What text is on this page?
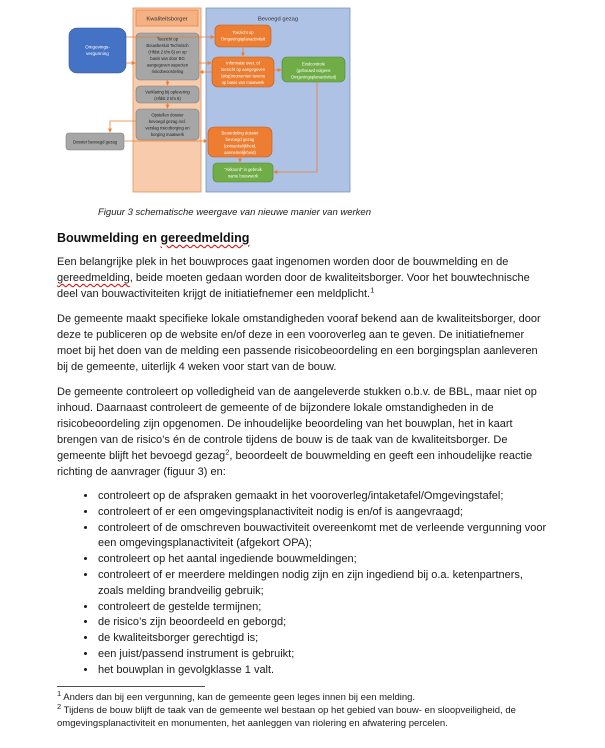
Kwaliteitsborger	Bevoegd gezag
Omgevings-
vergunning
Toezicht op
Bouwbesluit Technisch
(Hfdst 2 t/m 6) en op
basis van door BG
aangegeven aspecten
risicobeoordeling
Verklaring bij oplevering
(Hfdst 2 t/m 6)
Opstellen dossier
bevoegd gezag incl.
verslag risicoborging en
borging maatwerk
Dossier bevoegd gezag
Toezicht op
Omgevingsplanactiviteit
Informatie over, of
toezicht op aangegeven
(stop)momenten tevens
op basis van maatwerk
Eindcontrole
(gebouwd volgens
Omgevingsplanactiviteit)
Beoordeling dossier
bevoegd gezag
(ontvankelijkheid,
aannemelijkheid)
"Akkoord" in gebruik
name bouwwerk

Figuur 3 schematische weergave van nieuwe manier van werken

Bouwmelding en gereedmelding

Een belangrijke plek in het bouwproces gaat ingenomen worden door de bouwmelding en de gereedmelding, beide moeten gedaan worden door de kwaliteitsborger. Voor het bouwtechnische deel van bouwactiviteiten krijgt de initiatiefnemer een meldplicht.$^1$

De gemeente maakt specifieke lokale omstandigheden vooraf bekend aan de kwaliteitsborger, door deze te publiceren op de website en/of deze in een vooroverleg aan te geven. De initiatiefnemer moet bij het doen van de melding een passende risicobeoordeling en een borgingsplan aanleveren bij de gemeente, uiterlijk 4 weken voor start van de bouw.

De gemeente controleert op volledigheid van de aangeleverde stukken o.b.v. de BBL, maar niet op inhoud. Daarnaast controleert de gemeente of de bijzondere lokale omstandigheden in de risicobeoordeling zijn opgenomen. De inhoudelijke beoordeling van het bouwplan, het in kaart brengen van de risico’s én de controle tijdens de bouw is de taak van de kwaliteitsborger. De gemeente blijft het bevoegd gezag$^2$, beoordeelt de bouwmelding en geeft een inhoudelijke reactie richting de aanvrager (figuur 3) en:

• controleert op de afspraken gemaakt in het vooroverleg/intaketafel/Omgevingstafel;
• controleert of er een omgevingsplanactiviteit nodig is en/of is aangevraagd;
• controleert of de omschreven bouwactiviteit overeenkomt met de verleende vergunning voor een omgevingsplanactiviteit (afgekort OPA);
• controleert op het aantal ingediende bouwmeldingen;
• controleert of er meerdere meldingen nodig zijn en zijn ingediend bij o.a. ketenpartners, zoals melding brandveilig gebruik;
• controleert de gestelde termijnen;
• de risico’s zijn beoordeeld en geborgd;
• de kwaliteitsborger gerechtigd is;
• een juist/passend instrument is gebruikt;
• het bouwplan in gevolgklasse 1 valt.

$^1$ Anders dan bij een vergunning, kan de gemeente geen leges innen bij een melding.

$^2$ Tijdens de bouw blijft de taak van de gemeente wel bestaan op het gebied van bouw- en sloopveiligheid, de omgevingsplanactiviteit en monumenten, het aanleggen van riolering en afwatering percelen.
